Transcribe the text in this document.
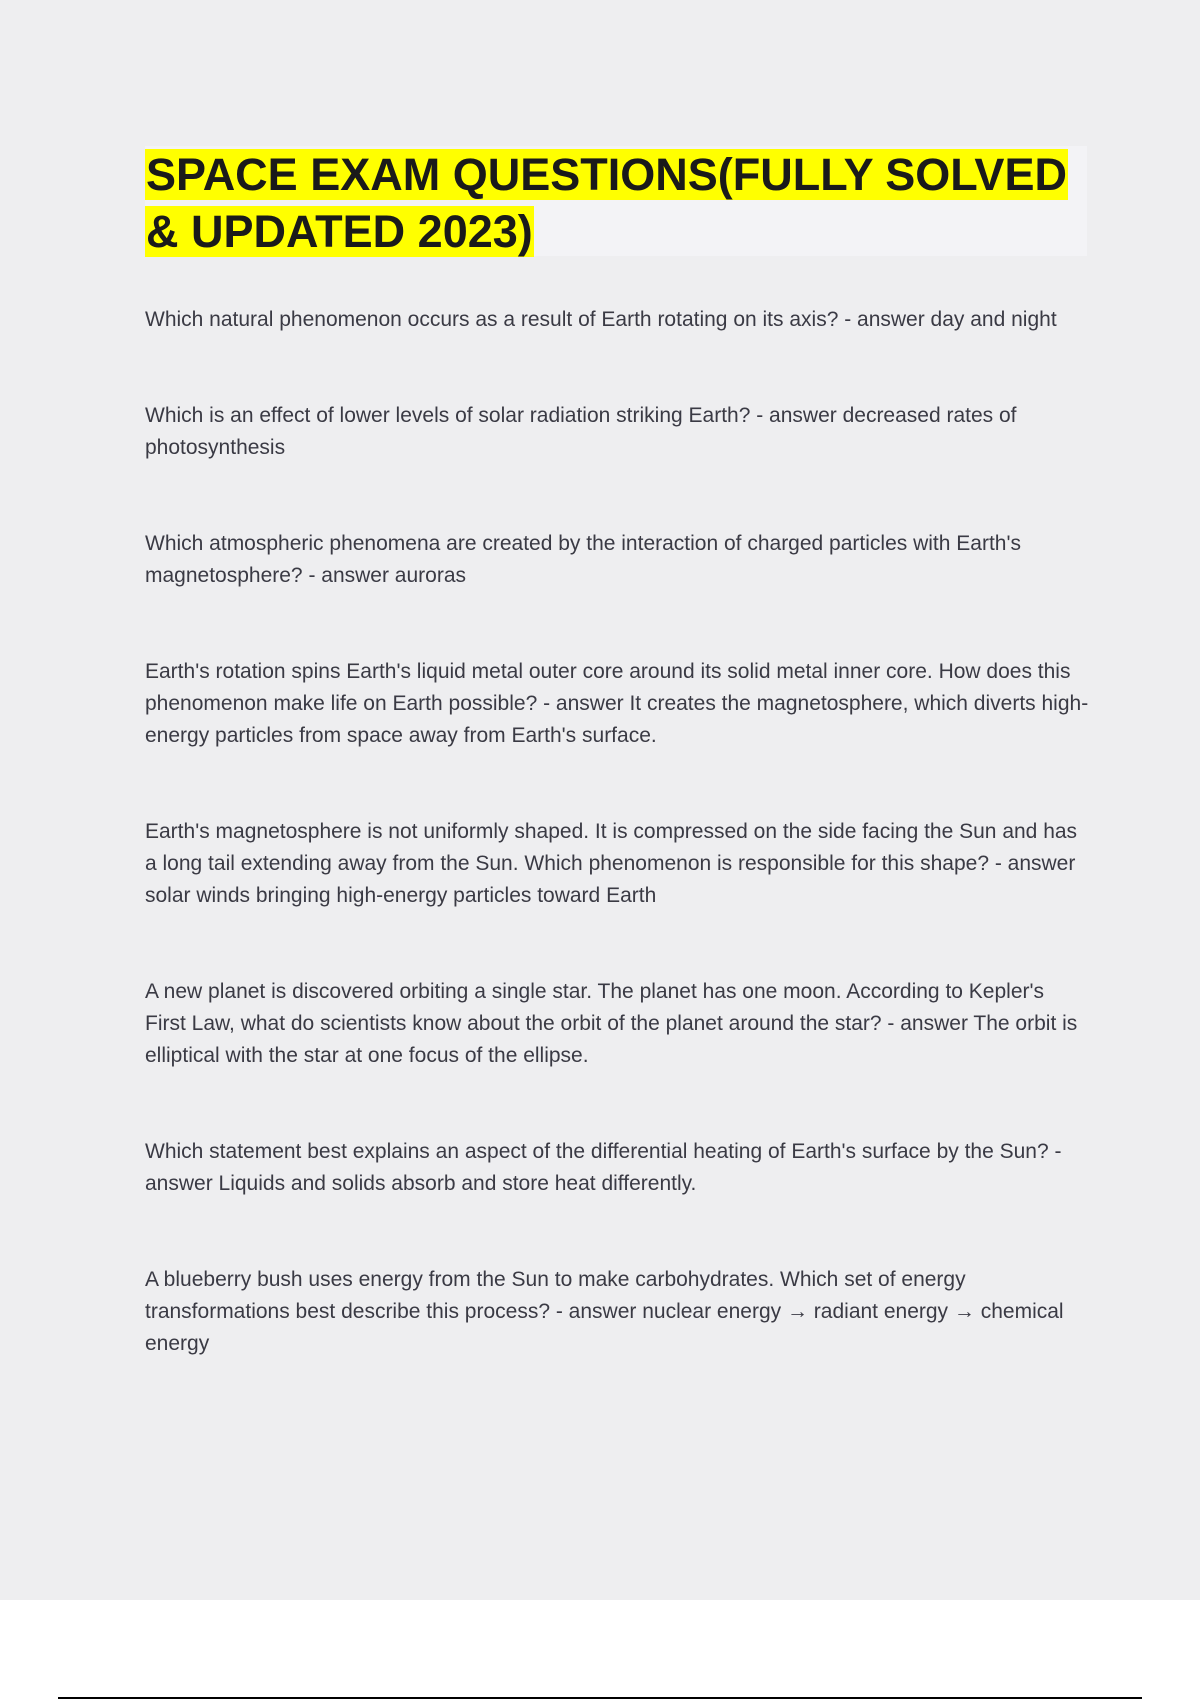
SPACE EXAM QUESTIONS(FULLY SOLVED & UPDATED 2023)

Which natural phenomenon occurs as a result of Earth rotating on its axis? - answer day and night

Which is an effect of lower levels of solar radiation striking Earth? - answer decreased rates of photosynthesis

Which atmospheric phenomena are created by the interaction of charged particles with Earth's magnetosphere? - answer auroras

Earth's rotation spins Earth's liquid metal outer core around its solid metal inner core. How does this phenomenon make life on Earth possible? - answer It creates the magnetosphere, which diverts high-energy particles from space away from Earth's surface.

Earth's magnetosphere is not uniformly shaped. It is compressed on the side facing the Sun and has a long tail extending away from the Sun. Which phenomenon is responsible for this shape? - answer solar winds bringing high-energy particles toward Earth

A new planet is discovered orbiting a single star. The planet has one moon. According to Kepler's First Law, what do scientists know about the orbit of the planet around the star? - answer The orbit is elliptical with the star at one focus of the ellipse.

Which statement best explains an aspect of the differential heating of Earth's surface by the Sun? - answer Liquids and solids absorb and store heat differently.

A blueberry bush uses energy from the Sun to make carbohydrates. Which set of energy transformations best describe this process? - answer nuclear energy → radiant energy → chemical energy
